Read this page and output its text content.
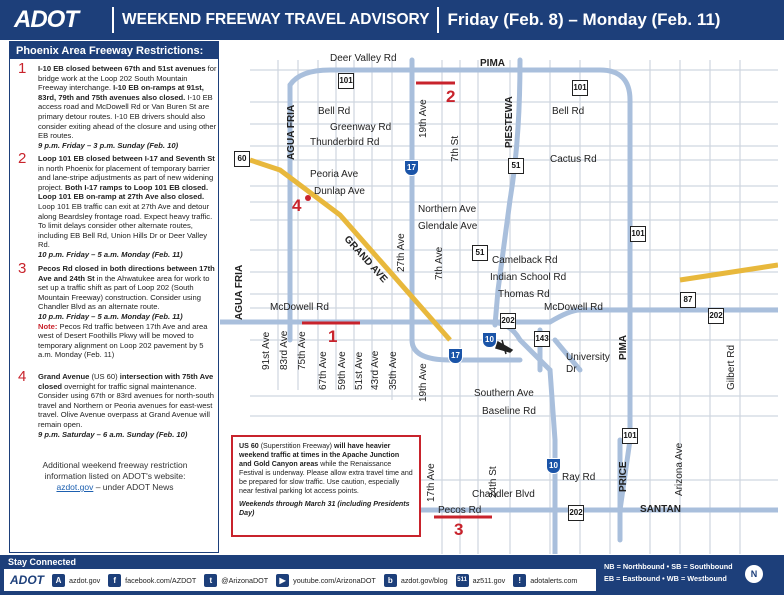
ADOT	WEEKEND FREEWAY TRAVEL ADVISORY Friday (Feb. 8) – Monday (Feb. 11)
Phoenix Area Freeway Restrictions:
1 I-10 EB closed between 67th and 51st avenues for bridge work at the Loop 202 South Mountain Freeway interchange. I-10 EB on-ramps at 91st, 83rd, 79th and 75th avenues also closed. I-10 EB access road and McDowell Rd or Van Buren St are primary detour routes. I-10 EB drivers should also consider exiting ahead of the closure and using other EB routes.
9 p.m. Friday – 3 p.m. Sunday (Feb. 10)
2 Loop 101 EB closed between I-17 and Seventh St in north Phoenix for placement of temporary barrier and lane-stripe adjustments as part of new widening project. Both I-17 ramps to Loop 101 EB closed. Loop 101 EB on-ramp at 27th Ave also closed. Loop 101 EB traffic can exit at 27th Ave and detour along Beardsley frontage road. Expect heavy traffic. To limit delays consider other alternate routes, including EB Bell Rd, Union Hills Dr or Deer Valley Rd.
10 p.m. Friday – 5 a.m. Monday (Feb. 11)
3 Pecos Rd closed in both directions between 17th Ave and 24th St in the Ahwatukee area for work to set up a traffic shift as part of Loop 202 (South Mountain Freeway) construction. Consider using Chandler Blvd as an alternate route.
10 p.m. Friday – 5 a.m. Monday (Feb. 11)
Note: Pecos Rd traffic between 17th Ave and area west of Desert Foothills Pkwy will be moved to temporary alignment on Loop 202 pavement by 5 a.m. Monday (Feb. 11)
4 Grand Avenue (US 60) intersection with 75th Ave closed overnight for traffic signal maintenance. Consider using 67th or 83rd avenues for north-south travel and Northern or Peoria avenues for east-west travel. Olive Avenue overpass at Grand Avenue will remain open.
9 p.m. Saturday – 6 a.m. Sunday (Feb. 10)
Additional weekend freeway restriction
information listed on ADOT's website:
azdot.gov – under ADOT News
Deer Valley Rd	PIMA
Bell Rd	Bell Rd
Greenway Rd
Thunderbird Rd
Cactus Rd
Peoria Ave
Dunlap Ave
Northern Ave
Glendale Ave
Camelback Rd
Indian School Rd
Thomas Rd
McDowell Rd	McDowell Rd
University Dr
Southern Ave
Baseline Rd
Ray Rd
Chandler Blvd
Pecos Rd	SANTAN
AGUA FRIA
AGUA FRIA
19th Ave
7th St
PIESTEWA
27th Ave	7th Ave
91st Ave 83rd Ave 75th Ave
67th Ave 59th Ave 51st Ave 43rd Ave 35th Ave 19th Ave
PIMA
PRICE	Arizona Ave
Gilbert Rd
17th Ave	24th St
GRAND AVE
1
2
3
4
101
101
60
51
101
51
87
202
202
143
101
202
17
17
10
10
US 60 (Superstition Freeway) will have heavier weekend traffic at times in the Apache Junction and Gold Canyon areas while the Renaissance Festival is underway. Please allow extra travel time and be prepared for slow traffic. Use caution, especially near festival parking lot access points.
Weekends through March 31 (including Presidents Day)
Stay Connected
ADOT	A	azdot.gov	f	facebook.com/AZDOT	t	@ArizonaDOT	▶	youtube.com/ArizonaDOT	b	azdot.gov/blog 511 az511.gov	!	adotalerts.com
NB = Northbound • SB = Southbound
EB = Eastbound • WB = Westbound	N
